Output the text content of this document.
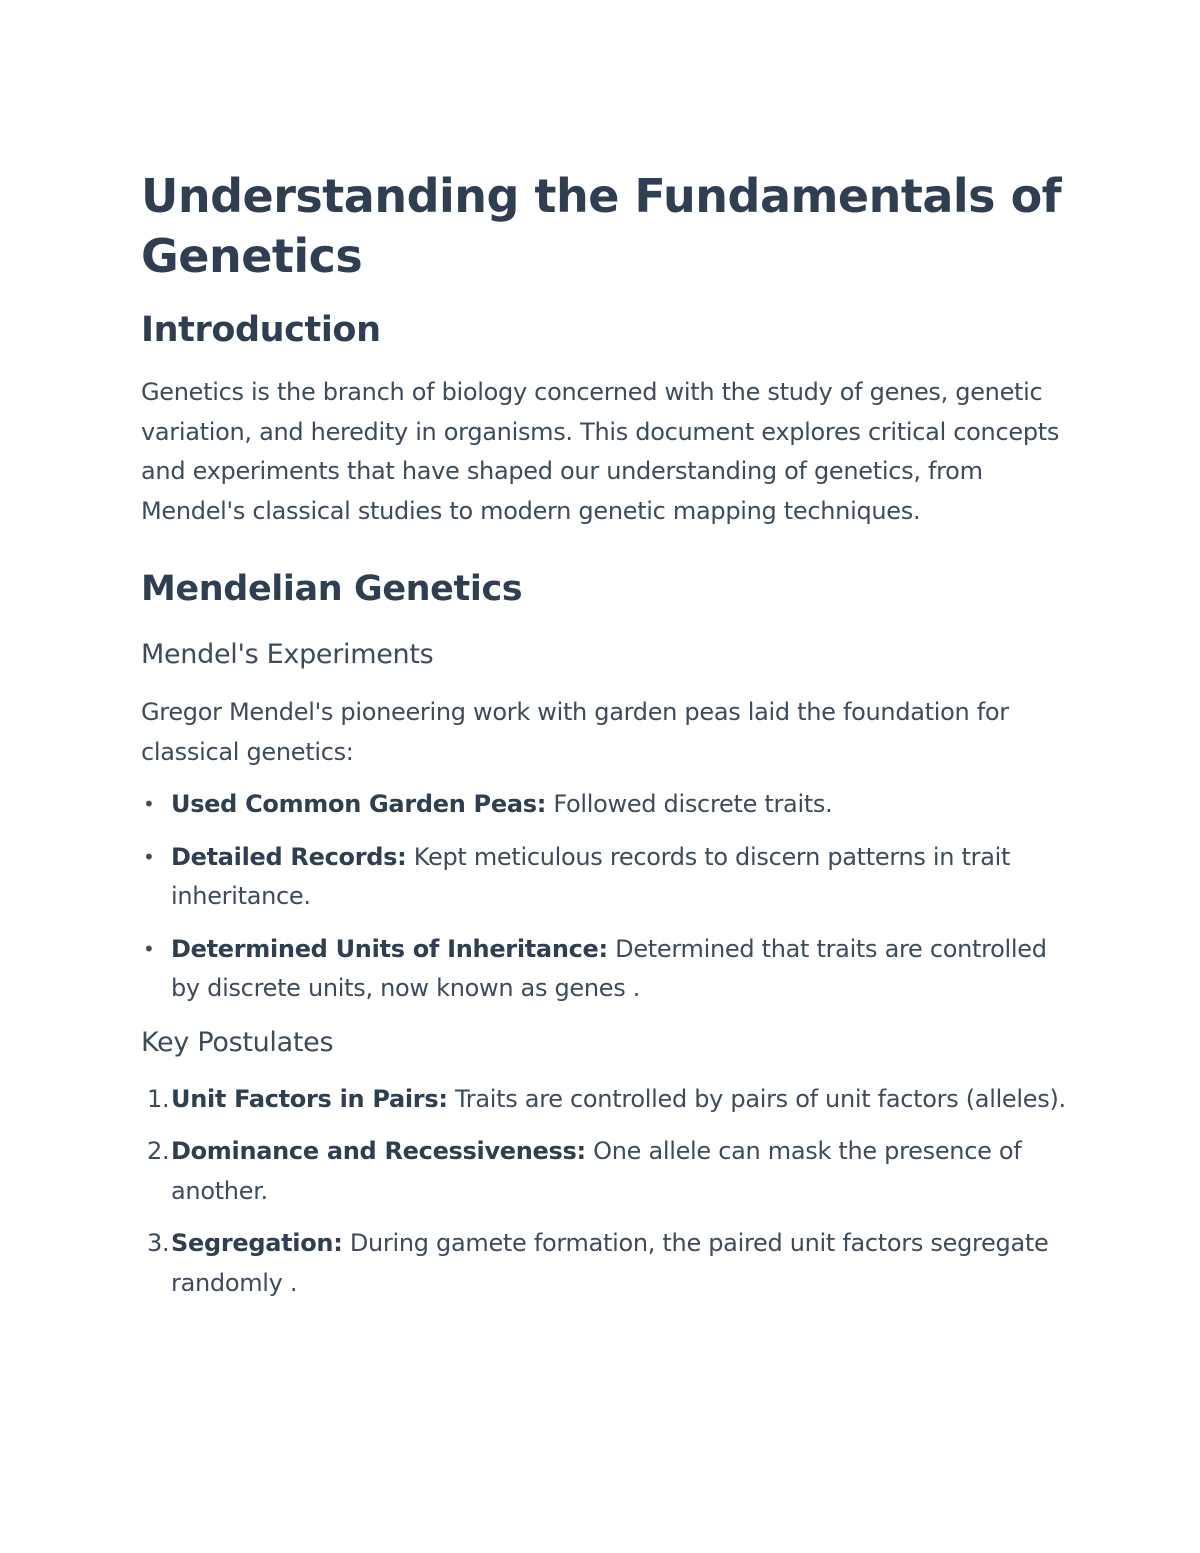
Understanding the Fundamentals of Genetics
Introduction

Genetics is the branch of biology concerned with the study of genes, genetic variation, and heredity in organisms. This document explores critical concepts and experiments that have shaped our understanding of genetics, from Mendel's classical studies to modern genetic mapping techniques.

Mendelian Genetics
Mendel's Experiments

Gregor Mendel's pioneering work with garden peas laid the foundation for classical genetics:

• Used Common Garden Peas: Followed discrete traits.
• Detailed Records: Kept meticulous records to discern patterns in trait inheritance.
• Determined Units of Inheritance: Determined that traits are controlled by discrete units, now known as genes .
Key Postulates
1. Unit Factors in Pairs: Traits are controlled by pairs of unit factors (alleles).
2. Dominance and Recessiveness: One allele can mask the presence of another.
3. Segregation: During gamete formation, the paired unit factors segregate randomly .
